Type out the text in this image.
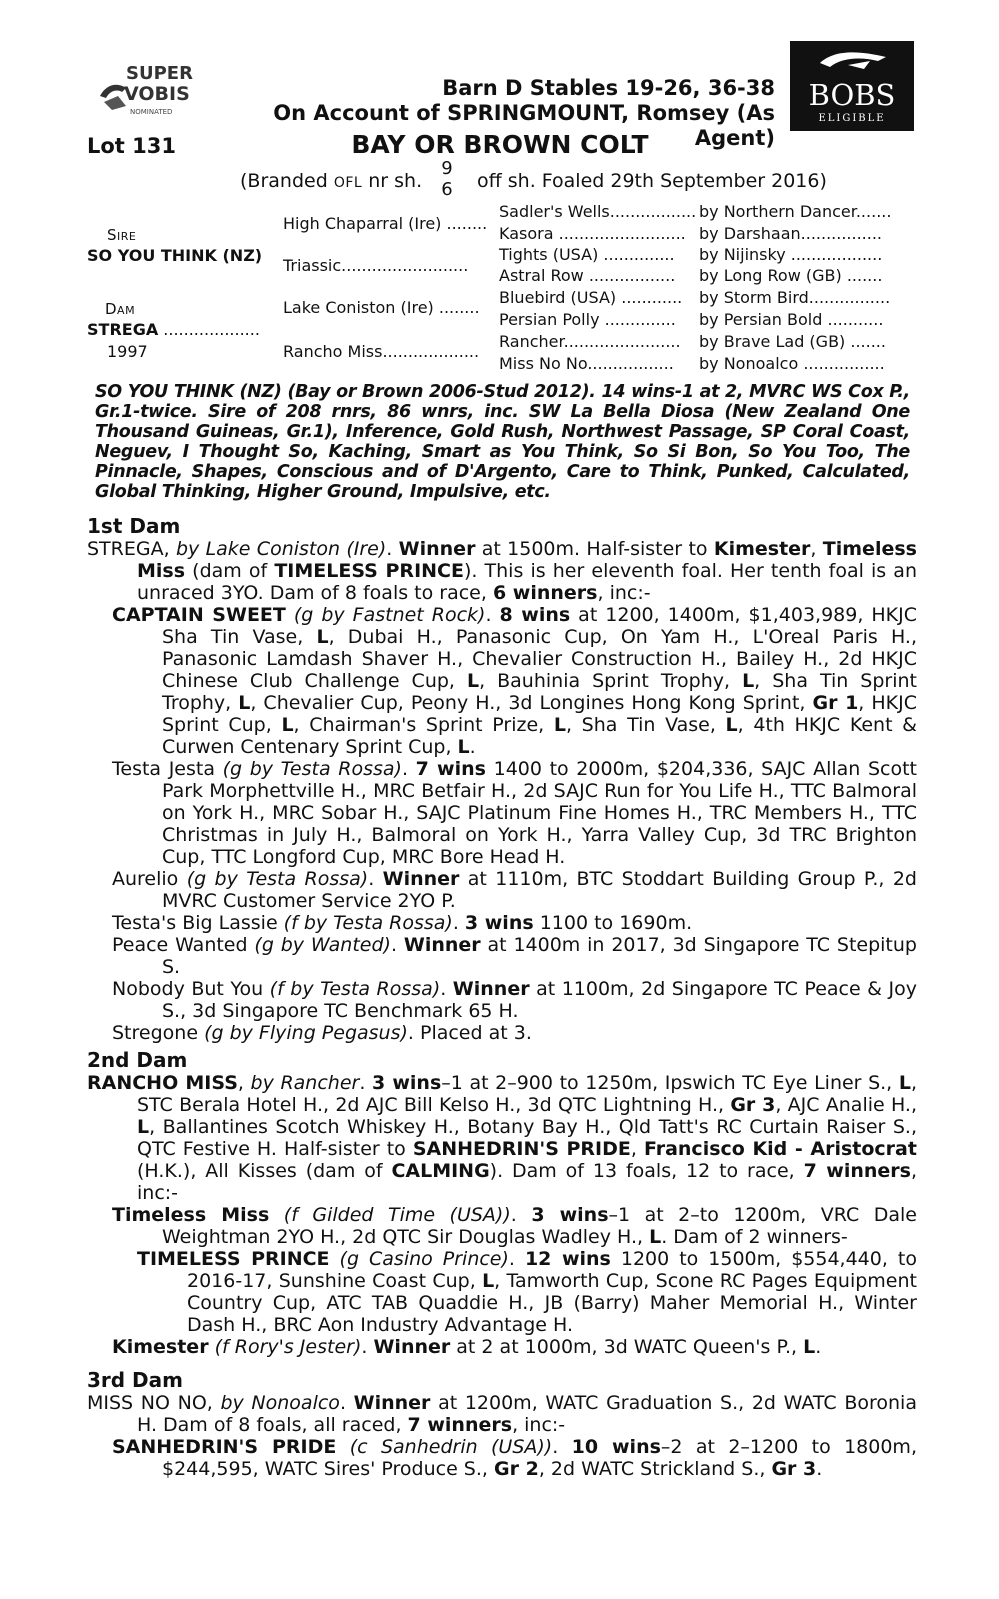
SUPER
VOBIS
NOMINATED	BOBS
ELIGIBLE
Barn D Stables 19-26, 36-38
On Account of SPRINGMOUNT, Romsey (As Agent)
Lot 131	BAY OR BROWN COLT
(Branded OFL nr sh.
9
6 off sh. Foaled 29th September 2016)
Sire
SO YOU THINK (NZ)
Dam
STREGA ...................
1997
High Chaparral (Ire) ........
Triassic.........................
Lake Coniston (Ire) ........
Rancho Miss...................
Sadler's Wells.................
Kasora .........................
Tights (USA) ..............
Astral Row .................
Bluebird (USA) ............
Persian Polly ..............
Rancher.......................
Miss No No.................
by Northern Dancer.......
by Darshaan................
by Nijinsky ..................
by Long Row (GB) .......
by Storm Bird................
by Persian Bold ...........
by Brave Lad (GB) .......
by Nonoalco ................
SO YOU THINK (NZ) (Bay or Brown 2006-Stud 2012). 14 wins-1 at 2, MVRC WS Cox P., Gr.1-twice. Sire of 208 rnrs, 86 wnrs, inc. SW La Bella Diosa (New Zealand One Thousand Guineas, Gr.1), Inference, Gold Rush, Northwest Passage, SP Coral Coast, Neguev, I Thought So, Kaching, Smart as You Think, So Si Bon, So You Too, The Pinnacle, Shapes, Conscious and of D'Argento, Care to Think, Punked, Calculated, Global Thinking, Higher Ground, Impulsive, etc.
1st Dam
STREGA, by Lake Coniston (Ire). Winner at 1500m. Half-sister to Kimester, Timeless Miss (dam of TIMELESS PRINCE). This is her eleventh foal. Her tenth foal is an unraced 3YO. Dam of 8 foals to race, 6 winners, inc:-
CAPTAIN SWEET (g by Fastnet Rock). 8 wins at 1200, 1400m, $1,403,989, HKJC Sha Tin Vase, L, Dubai H., Panasonic Cup, On Yam H., L'Oreal Paris H., Panasonic Lamdash Shaver H., Chevalier Construction H., Bailey H., 2d HKJC Chinese Club Challenge Cup, L, Bauhinia Sprint Trophy, L, Sha Tin Sprint Trophy, L, Chevalier Cup, Peony H., 3d Longines Hong Kong Sprint, Gr 1, HKJC Sprint Cup, L, Chairman's Sprint Prize, L, Sha Tin Vase, L, 4th HKJC Kent & Curwen Centenary Sprint Cup, L.
Testa Jesta (g by Testa Rossa). 7 wins 1400 to 2000m, $204,336, SAJC Allan Scott Park Morphettville H., MRC Betfair H., 2d SAJC Run for You Life H., TTC Balmoral on York H., MRC Sobar H., SAJC Platinum Fine Homes H., TRC Members H., TTC Christmas in July H., Balmoral on York H., Yarra Valley Cup, 3d TRC Brighton Cup, TTC Longford Cup, MRC Bore Head H.
Aurelio (g by Testa Rossa). Winner at 1110m, BTC Stoddart Building Group P., 2d MVRC Customer Service 2YO P.
Testa's Big Lassie (f by Testa Rossa). 3 wins 1100 to 1690m.
Peace Wanted (g by Wanted). Winner at 1400m in 2017, 3d Singapore TC Stepitup S.
Nobody But You (f by Testa Rossa). Winner at 1100m, 2d Singapore TC Peace & Joy S., 3d Singapore TC Benchmark 65 H.
Stregone (g by Flying Pegasus). Placed at 3.
2nd Dam
RANCHO MISS, by Rancher. 3 wins–1 at 2–900 to 1250m, Ipswich TC Eye Liner S., L, STC Berala Hotel H., 2d AJC Bill Kelso H., 3d QTC Lightning H., Gr 3, AJC Analie H., L, Ballantines Scotch Whiskey H., Botany Bay H., Qld Tatt's RC Curtain Raiser S., QTC Festive H. Half-sister to SANHEDRIN'S PRIDE, Francisco Kid - Aristocrat (H.K.), All Kisses (dam of CALMING). Dam of 13 foals, 12 to race, 7 winners, inc:-
Timeless Miss (f Gilded Time (USA)). 3 wins–1 at 2–to 1200m, VRC Dale Weightman 2YO H., 2d QTC Sir Douglas Wadley H., L. Dam of 2 winners-
TIMELESS PRINCE (g Casino Prince). 12 wins 1200 to 1500m, $554,440, to 2016-17, Sunshine Coast Cup, L, Tamworth Cup, Scone RC Pages Equipment Country Cup, ATC TAB Quaddie H., JB (Barry) Maher Memorial H., Winter Dash H., BRC Aon Industry Advantage H.
Kimester (f Rory's Jester). Winner at 2 at 1000m, 3d WATC Queen's P., L.
3rd Dam
MISS NO NO, by Nonoalco. Winner at 1200m, WATC Graduation S., 2d WATC Boronia H. Dam of 8 foals, all raced, 7 winners, inc:-
SANHEDRIN'S PRIDE (c Sanhedrin (USA)). 10 wins–2 at 2–1200 to 1800m, $244,595, WATC Sires' Produce S., Gr 2, 2d WATC Strickland S., Gr 3.
